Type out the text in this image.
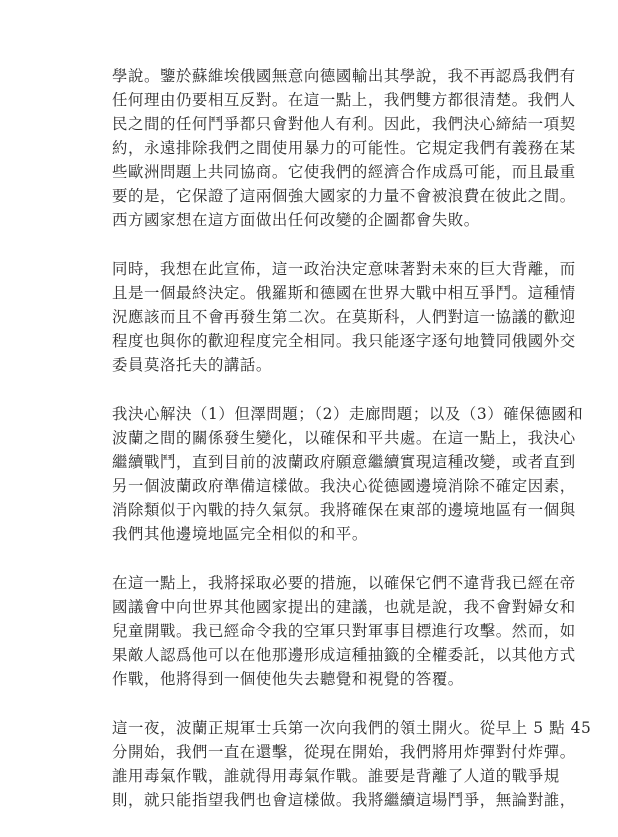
學說。鑒於蘇維埃俄國無意向德國輸出其學說，我不再認爲我們有
任何理由仍要相互反對。在這一點上，我們雙方都很清楚。我們人
民之間的任何鬥爭都只會對他人有利。因此，我們決心締結一項契
約，永遠排除我們之間使用暴力的可能性。它規定我們有義務在某
些歐洲問題上共同協商。它使我們的經濟合作成爲可能，而且最重
要的是，它保證了這兩個強大國家的力量不會被浪費在彼此之間。
西方國家想在這方面做出任何改變的企圖都會失敗。

同時，我想在此宣佈，這一政治決定意味著對未來的巨大背離，而
且是一個最終決定。俄羅斯和德國在世界大戰中相互爭鬥。這種情
況應該而且不會再發生第二次。在莫斯科，人們對這一協議的歡迎
程度也與你的歡迎程度完全相同。我只能逐字逐句地贊同俄國外交
委員莫洛托夫的講話。

我決心解決（1）但澤問題；（2）走廊問題；以及（3）確保德國和
波蘭之間的關係發生變化，以確保和平共處。在這一點上，我決心
繼續戰鬥，直到目前的波蘭政府願意繼續實現這種改變，或者直到
另一個波蘭政府準備這樣做。我決心從德國邊境消除不確定因素，
消除類似于內戰的持久氣氛。我將確保在東部的邊境地區有一個與
我們其他邊境地區完全相似的和平。

在這一點上，我將採取必要的措施，以確保它們不違背我已經在帝
國議會中向世界其他國家提出的建議，也就是說，我不會對婦女和
兒童開戰。我已經命令我的空軍只對軍事目標進行攻擊。然而，如
果敵人認爲他可以在他那邊形成這種抽籤的全權委託，以其他方式
作戰，他將得到一個使他失去聽覺和視覺的答覆。

這一夜，波蘭正規軍士兵第一次向我們的領土開火。從早上 5 點 45
分開始，我們一直在還擊，從現在開始，我們將用炸彈對付炸彈。
誰用毒氣作戰，誰就得用毒氣作戰。誰要是背離了人道的戰爭規
則，就只能指望我們也會這樣做。我將繼續這場鬥爭，無論對誰，
